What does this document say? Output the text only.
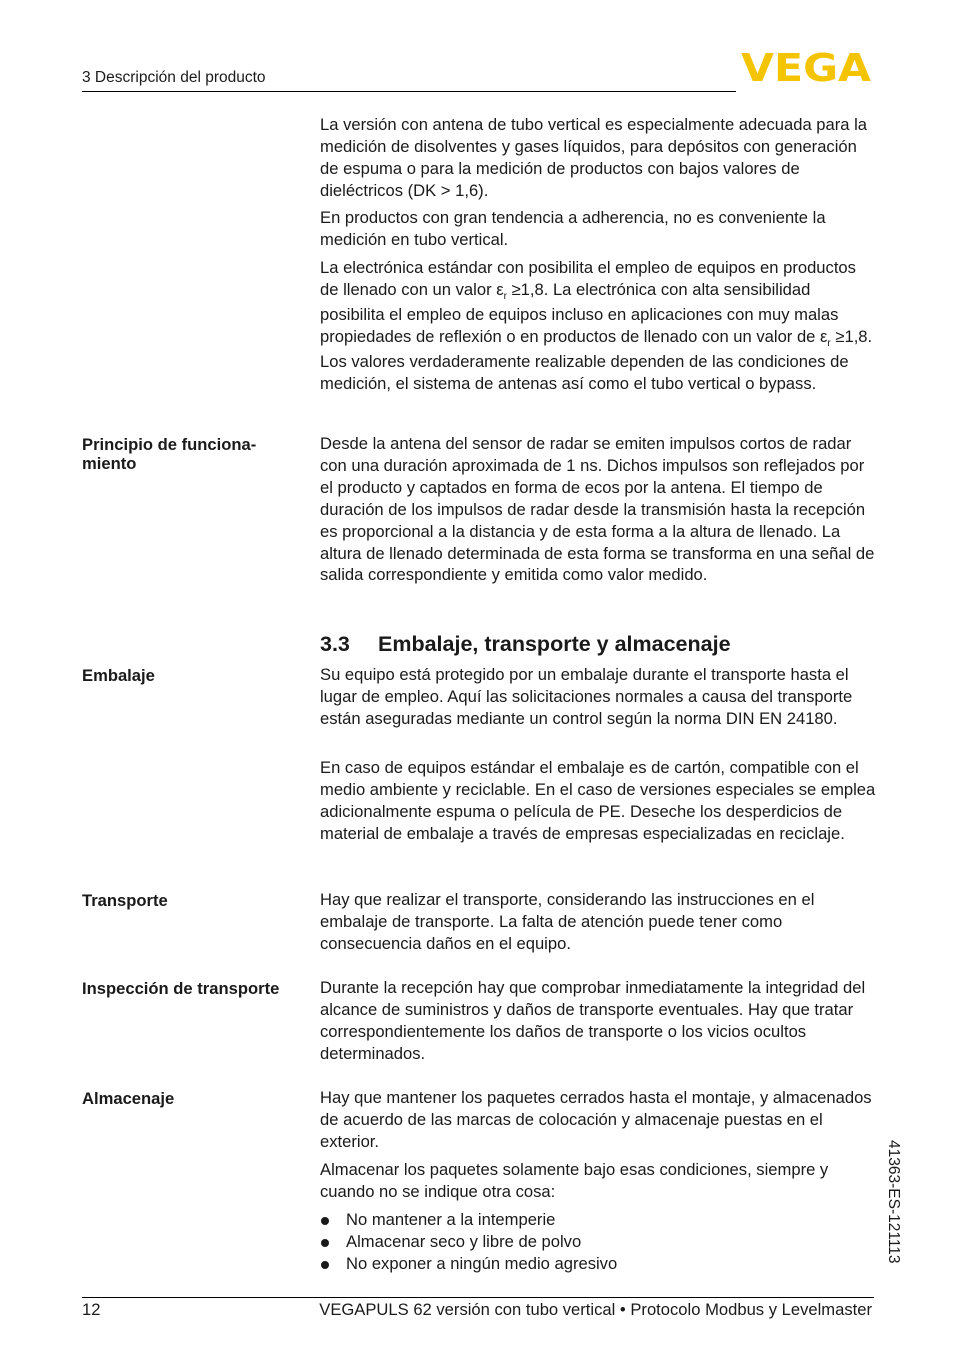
3 Descripción del producto	VEGA

La versión con antena de tubo vertical es especialmente adecuada para la medición de disolventes y gases líquidos, para depósitos con generación de espuma o para la medición de productos con bajos valores de dieléctricos (DK > 1,6).

En productos con gran tendencia a adherencia, no es conveniente la medición en tubo vertical.

La electrónica estándar con posibilita el empleo de equipos en productos de llenado con un valor $\varepsilon_r \ge 1,8$. La electrónica con alta sensibilidad posibilita el empleo de equipos incluso en aplicaciones con muy malas propiedades de reflexión o en productos de llenado con un valor de $\varepsilon_r \ge 1,8$. Los valores verdaderamente realizable dependen de las condiciones de medición, el sistema de antenas así como el tubo vertical o bypass.

Principio de funciona- miento

Desde la antena del sensor de radar se emiten impulsos cortos de radar con una duración aproximada de 1 ns. Dichos impulsos son reflejados por el producto y captados en forma de ecos por la antena. El tiempo de duración de los impulsos de radar desde la transmisión hasta la recepción es proporcional a la distancia y de esta forma a la altura de llenado. La altura de llenado determinada de esta forma se transforma en una señal de salida correspondiente y emitida como valor medido.

3.3 Embalaje, transporte y almacenaje

Embalaje	Su equipo está protegido por un embalaje durante el transporte hasta el lugar de empleo. Aquí las solicitaciones normales a causa del transporte están aseguradas mediante un control según la norma DIN EN 24180.

En caso de equipos estándar el embalaje es de cartón, compatible con el medio ambiente y reciclable. En el caso de versiones especiales se emplea adicionalmente espuma o película de PE. Deseche los desperdicios de material de embalaje a través de empresas especializadas en reciclaje.

Transporte	Hay que realizar el transporte, considerando las instrucciones en el embalaje de transporte. La falta de atención puede tener como consecuencia daños en el equipo.

Inspección de transporte	Durante la recepción hay que comprobar inmediatamente la integridad del alcance de suministros y daños de transporte eventuales. Hay que tratar correspondientemente los daños de transporte o los vicios ocultos determinados.

Almacenaje	Hay que mantener los paquetes cerrados hasta el montaje, y almacenados de acuerdo de las marcas de colocación y almacenaje puestas en el exterior.

Almacenar los paquetes solamente bajo esas condiciones, siempre y cuando no se indique otra cosa:

No mantener a la intemperie
Almacenar seco y libre de polvo
No exponer a ningún medio agresivo	41363-ES-121113
12	VEGAPULS 62 versión con tubo vertical • Protocolo Modbus y Levelmaster
